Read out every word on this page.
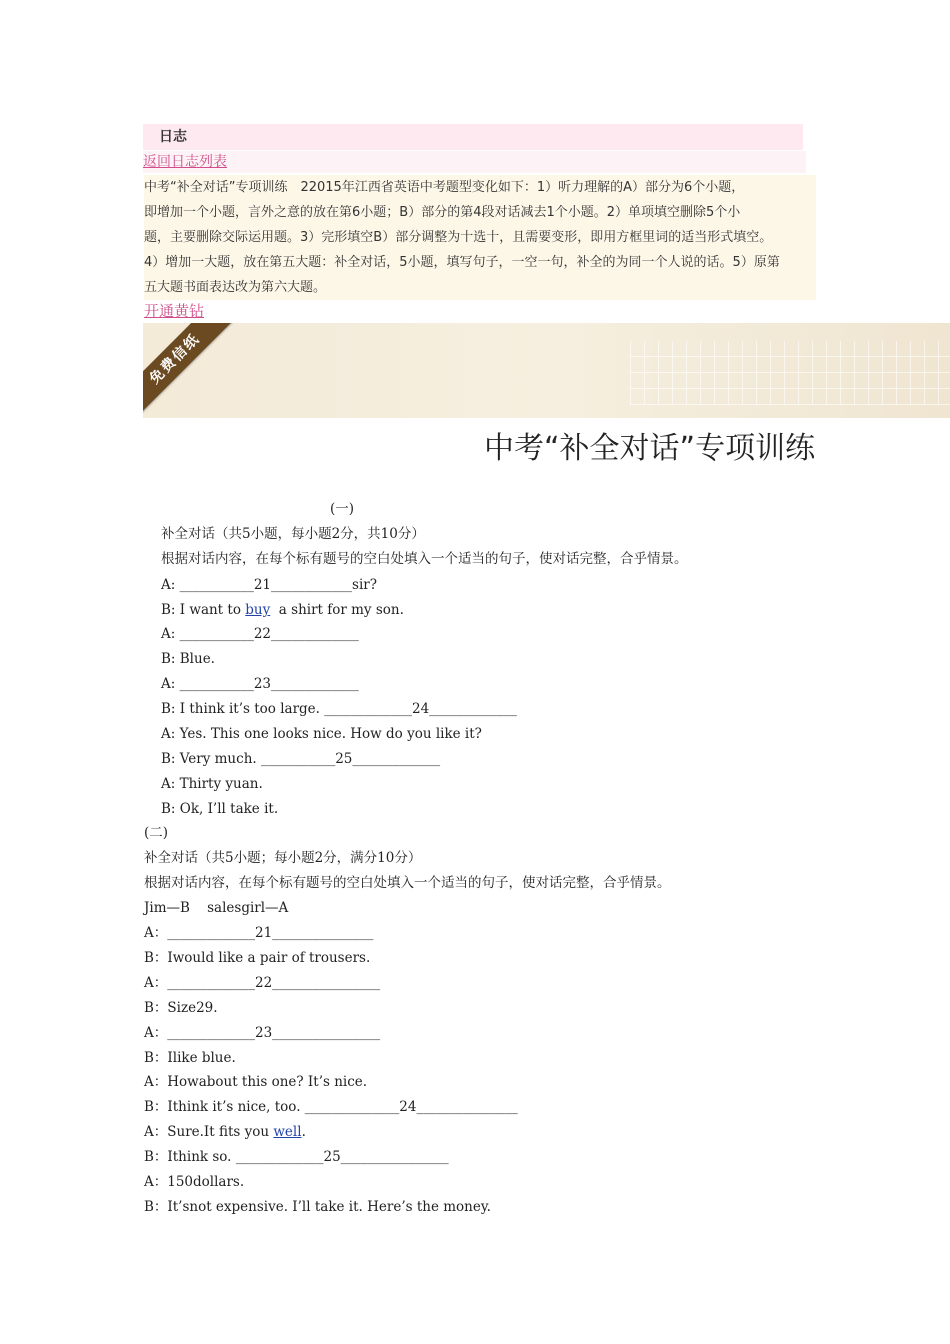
日志
返回日志列表

中考“补全对话”专项训练　22015年江西省英语中考题型变化如下：1）听力理解的A）部分为6个小题，

即增加一个小题，言外之意的放在第6小题；B）部分的第4段对话减去1个小题。2）单项填空删除5个小

题，主要删除交际运用题。3）完形填空B）部分调整为十选十，且需要变形，即用方框里词的适当形式填空。

4）增加一大题，放在第五大题：补全对话，5小题，填写句子，一空一句，补全的为同一个人说的话。5）原第

五大题书面表达改为第六大题。

开通黄钻
免费信纸
中考“补全对话”专项训练
(一)
补全对话（共5小题，每小题2分，共10分）
根据对话内容，在每个标有题号的空白处填入一个适当的句子，使对话完整，合乎情景。
A: ___________21____________sir?
B: I want to buy  a shirt for my son.
A: ___________22_____________
B: Blue.
A: ___________23_____________
B: I think it’s too large. _____________24_____________
A: Yes. This one looks nice. How do you like it?
B: Very much. ___________25_____________
A: Thirty yuan.
B: Ok, I’ll take it.
(二)
补全对话（共5小题；每小题2分，满分10分）
根据对话内容，在每个标有题号的空白处填入一个适当的句子，使对话完整，合乎情景。
Jim—B    salesgirl—A
A：_____________21_______________
B：Iwould like a pair of trousers.
A：_____________22________________
B：Size29.
A：_____________23________________
B：Ilike blue.
A：Howabout this one? It’s nice.
B：Ithink it’s nice, too. ______________24_______________
A：Sure.It fits you well.
B：Ithink so. _____________25________________
A：150dollars.
B：It’snot expensive. I’ll take it. Here’s the money.
